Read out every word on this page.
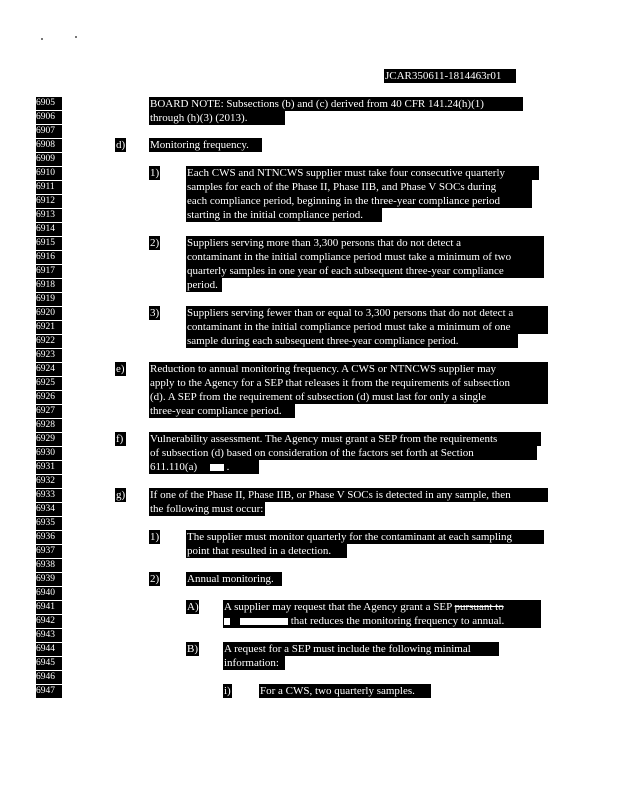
JCAR350611-1814463r01
6905
6906
6907
6908
6909
6910
6911
6912
6913
6914
6915
6916
6917
6918
6919
6920
6921
6922
6923
6924
6925
6926
6927
6928
6929
6930
6931
6932
6933
6934
6935
6936
6937
6938
6939
6940
6941
6942
6943
6944
6945
6946
6947
BOARD NOTE: Subsections (b) and (c) derived from 40 CFR 141.24(h)(1)
through (h)(3) (2013).
d) Monitoring frequency.
1)	Each CWS and NTNCWS supplier must take four consecutive quarterly
samples for each of the Phase II, Phase IIB, and Phase V SOCs during
each compliance period, beginning in the three-year compliance period
starting in the initial compliance period.
2)	Suppliers serving more than 3,300 persons that do not detect a
contaminant in the initial compliance period must take a minimum of two
quarterly samples in one year of each subsequent three-year compliance
period.
3)	Suppliers serving fewer than or equal to 3,300 persons that do not detect a
contaminant in the initial compliance period must take a minimum of one
sample during each subsequent three-year compliance period.
e) Reduction to annual monitoring frequency. A CWS or NTNCWS supplier may
apply to the Agency for a SEP that releases it from the requirements of subsection
(d). A SEP from the requirement of subsection (d) must last for only a single
three-year compliance period.
f) Vulnerability assessment. The Agency must grant a SEP from the requirements
of subsection (d) based on consideration of the factors set forth at Section
611.110(a)	.
g) If one of the Phase II, Phase IIB, or Phase V SOCs is detected in any sample, then
the following must occur:
1)	The supplier must monitor quarterly for the contaminant at each sampling
point that resulted in a detection.
2)	Annual monitoring.
A) A supplier may request that the Agency grant a SEP pursuant to
that reduces the monitoring frequency to annual.
B) A request for a SEP must include the following minimal
information:
i)	For a CWS, two quarterly samples.
